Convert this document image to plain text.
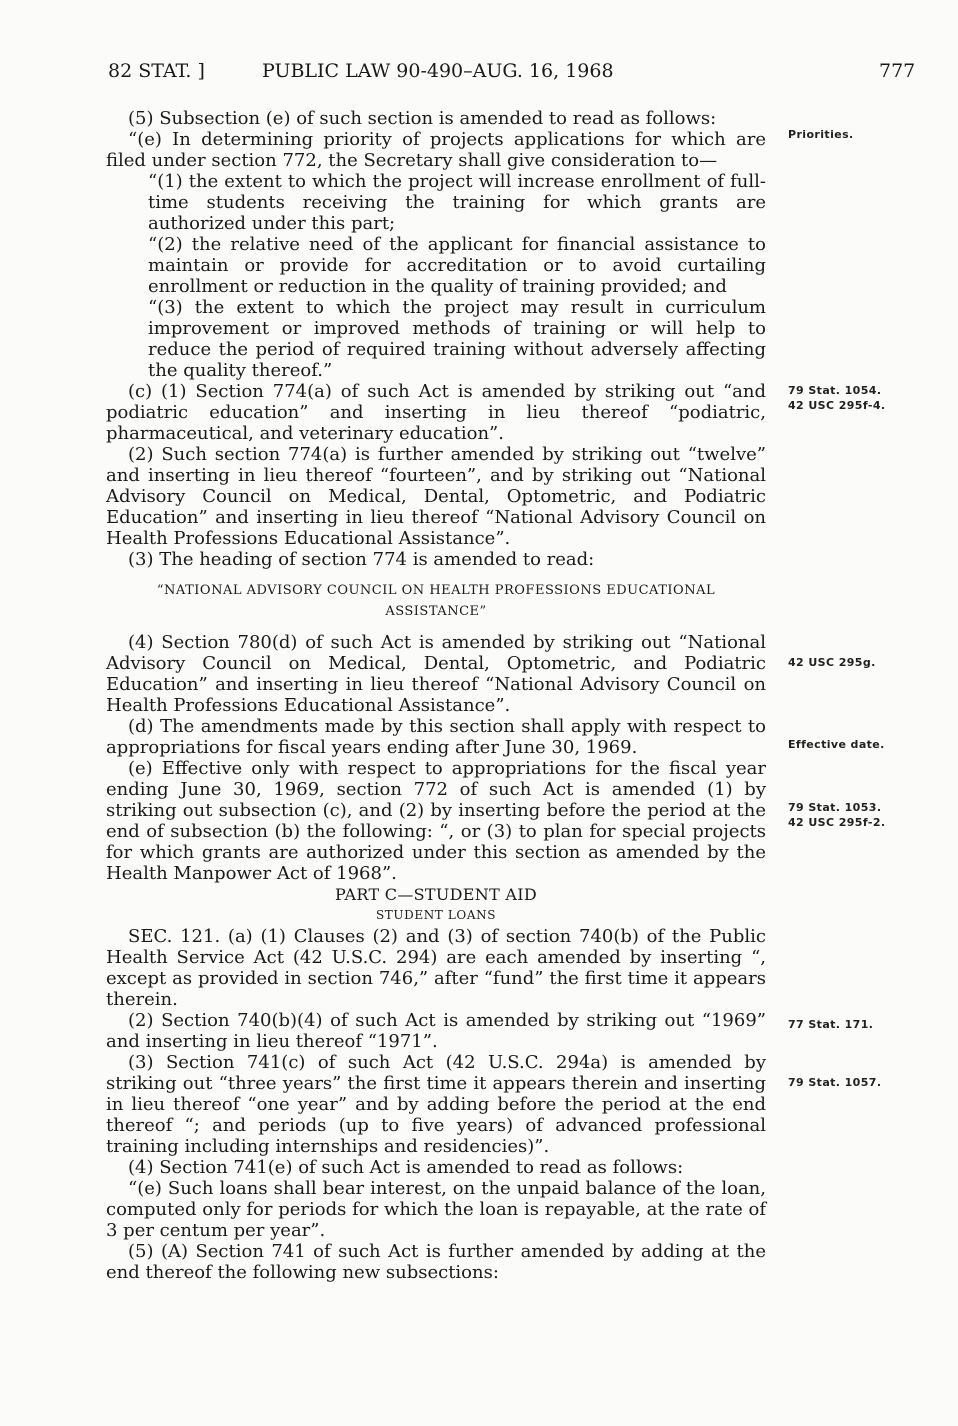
82 STAT. ]	PUBLIC LAW 90-490–AUG. 16, 1968	777

(5) Subsection (e) of such section is amended to read as follows:

“(e) In determining priority of projects applications for which are filed under section 772, the Secretary shall give consideration to—

“(1) the extent to which the project will increase enrollment of full-time students receiving the training for which grants are authorized under this part;

“(2) the relative need of the applicant for financial assistance to maintain or provide for accreditation or to avoid curtailing enrollment or reduction in the quality of training provided; and

“(3) the extent to which the project may result in curriculum improvement or improved methods of training or will help to reduce the period of required training without adversely affecting the quality thereof.”

(c) (1) Section 774(a) of such Act is amended by striking out “and podiatric education” and inserting in lieu thereof “podiatric, pharmaceutical, and veterinary education”.

(2) Such section 774(a) is further amended by striking out “twelve” and inserting in lieu thereof “fourteen”, and by striking out “National Advisory Council on Medical, Dental, Optometric, and Podiatric Education” and inserting in lieu thereof “National Advisory Council on Health Professions Educational Assistance”.

(3) The heading of section 774 is amended to read:

“NATIONAL ADVISORY COUNCIL ON HEALTH PROFESSIONS EDUCATIONAL ASSISTANCE”

(4) Section 780(d) of such Act is amended by striking out “National Advisory Council on Medical, Dental, Optometric, and Podiatric Education” and inserting in lieu thereof “National Advisory Council on Health Professions Educational Assistance”.

(d) The amendments made by this section shall apply with respect to appropriations for fiscal years ending after June 30, 1969.

(e) Effective only with respect to appropriations for the fiscal year ending June 30, 1969, section 772 of such Act is amended (1) by striking out subsection (c), and (2) by inserting before the period at the end of subsection (b) the following: “, or (3) to plan for special projects for which grants are authorized under this section as amended by the Health Manpower Act of 1968”.

PART C—STUDENT AID

STUDENT LOANS

SEC. 121. (a) (1) Clauses (2) and (3) of section 740(b) of the Public Health Service Act (42 U.S.C. 294) are each amended by inserting “, except as provided in section 746,” after “fund” the first time it appears therein.

(2) Section 740(b)(4) of such Act is amended by striking out “1969” and inserting in lieu thereof “1971”.

(3) Section 741(c) of such Act (42 U.S.C. 294a) is amended by striking out “three years” the first time it appears therein and inserting in lieu thereof “one year” and by adding before the period at the end thereof “; and periods (up to five years) of advanced professional training including internships and residencies)”.

(4) Section 741(e) of such Act is amended to read as follows:

“(e) Such loans shall bear interest, on the unpaid balance of the loan, computed only for periods for which the loan is repayable, at the rate of 3 per centum per year”.

(5) (A) Section 741 of such Act is further amended by adding at the end thereof the following new subsections:

Priorities.
79 Stat. 1054.
42 USC 295f-4.
42 USC 295g.
Effective date.
79 Stat. 1053.
42 USC 295f-2.
77 Stat. 171.
79 Stat. 1057.
